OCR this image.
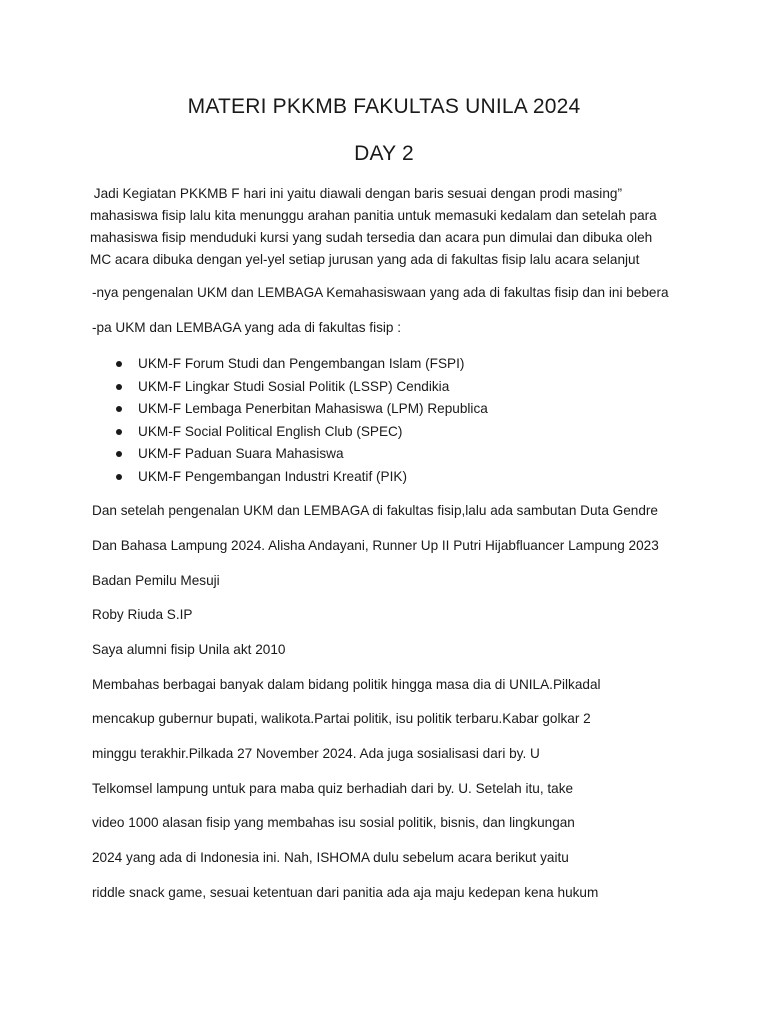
MATERI PKKMB FAKULTAS UNILA 2024
DAY 2
Jadi Kegiatan PKKMB F hari ini yaitu diawali dengan baris sesuai dengan prodi masing”
mahasiswa fisip lalu kita menunggu arahan panitia untuk memasuki kedalam dan setelah para
mahasiswa fisip menduduki kursi yang sudah tersedia dan acara pun dimulai dan dibuka oleh
MC acara dibuka dengan yel-yel setiap jurusan yang ada di fakultas fisip lalu acara selanjut
-nya pengenalan UKM dan LEMBAGA Kemahasiswaan yang ada di fakultas fisip dan ini bebera
-pa UKM dan LEMBAGA yang ada di fakultas fisip :
UKM-F Forum Studi dan Pengembangan Islam (FSPI)
UKM-F Lingkar Studi Sosial Politik (LSSP) Cendikia
UKM-F Lembaga Penerbitan Mahasiswa (LPM) Republica
UKM-F Social Political English Club (SPEC)
UKM-F Paduan Suara Mahasiswa
UKM-F Pengembangan Industri Kreatif (PIK)
Dan setelah pengenalan UKM dan LEMBAGA di fakultas fisip,lalu ada sambutan Duta Gendre
Dan Bahasa Lampung 2024. Alisha Andayani, Runner Up II Putri Hijabfluancer Lampung 2023
Badan Pemilu Mesuji
Roby Riuda S.IP
Saya alumni fisip Unila akt 2010
Membahas berbagai banyak dalam bidang politik hingga masa dia di UNILA.Pilkadal
mencakup gubernur bupati, walikota.Partai politik, isu politik terbaru.Kabar golkar 2
minggu terakhir.Pilkada 27 November 2024. Ada juga sosialisasi dari by. U
Telkomsel lampung untuk para maba quiz berhadiah dari by. U. Setelah itu, take
video 1000 alasan fisip yang membahas isu sosial politik, bisnis, dan lingkungan
2024 yang ada di Indonesia ini. Nah, ISHOMA dulu sebelum acara berikut yaitu
riddle snack game, sesuai ketentuan dari panitia ada aja maju kedepan kena hukum
